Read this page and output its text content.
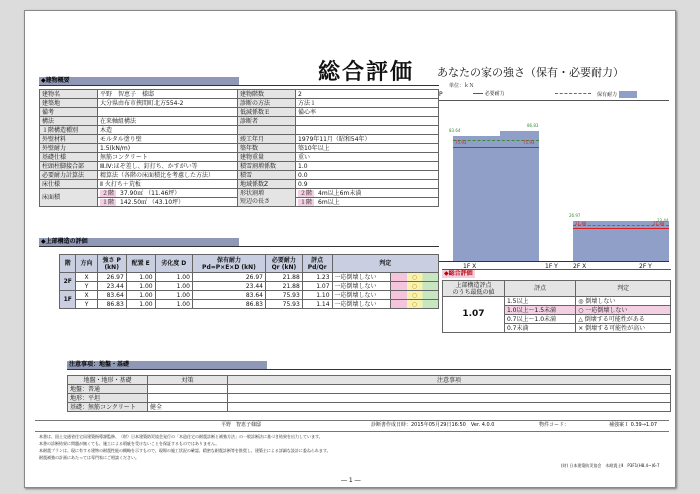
総合評価 あなたの家の強さ（保有・必要耐力）
◆建物概要
建物名	平野　智恵子　様邸	建物階数	2
建築地	大分県由布市挾間町北方554-2	診断の方法	方法１
備考		低減係数Ｅ	備心率
構法	在来軸組構法	診断者	
１階構造種別	木造		
外壁材料	モルタル塗り壁	竣工年月	1979年11月（昭和54年）
外壁耐力	1.5(kN/m)	築年数	築10年以上
基礎仕様	無筋コンクリート	建物重量	重い
柱頭柱脚接合部	Ⅲ.Ⅳ:ほぞ差し、釘打ち、かすがい等	積雪割増係数	1.0
必要耐力計算法	精算法（各階の床面積比を考慮した方法）	積雪	0.0
床仕様	Ⅱ 火打ち＋荒板	地域係数Z	0.9
床面積	２階 37.90㎡ （11.46坪）	形状割増
短辺の長さ	２階 4m以上6m未満
	１階 142.50㎡ （43.10坪）		１階 6m以上
単位：ｋＮ
P	必要耐力	保有耐力
83.64
86.83
75.93	75.93
26.97
23.44
21.88	21.88
1F X	1F Y	2F X	2F Y
◆上部構造の評価
階	方向	強さ P
(kN)	配置 E	劣化度 D	保有耐力
Pd=P×E×D (kN)	必要耐力
Qr (kN)	評点
Pd/Qr	判定	
2F	X	26.97	1.00	1.00	26.97	21.88	1.23	一応倒壊しない	○
	Y	23.44	1.00	1.00	23.44	21.88	1.07	一応倒壊しない	○
1F	X	83.64	1.00	1.00	83.64	75.93	1.10	一応倒壊しない	○
	Y	86.83	1.00	1.00	86.83	75.93	1.14	一応倒壊しない	○
◆総合評価
上部構造評点
のうち最低の値	評点	判定
1.07	1.5以上	◎ 倒壊しない
	1.0以上～1.5未満	○ 一応倒壊しない
	0.7以上～1.0未満	△ 倒壊する可能性がある
	0.7未満	× 倒壊する可能性が高い
注意事項：地盤・基礎
地盤・地形・基礎	対策	注意事項
地盤：普通		
地形：平坦		
基礎：無筋コンクリート	健全	
平野　智恵子様邸	診断書作成日時：2015年05月29日16:50　Ver. 4.0.0	物件コード：	補強案１ 0.39→1.07
本書は、国土交通省住宅局建築指導課監修、（財）日本建築防災協会発行の「木造住宅の耐震診断と補強方法」の一般診断法に基づき結果を出力しています。
本書の診断結果に問題が無くても、施工による瑕疵を受けないことを保証するものではありません。
本耐震プランは、現に有する建物の耐震性能の概略を示すもので、現場の施工状況の確認、精密な耐震診断等を推奨し、建築主による詳細な設計に委ねられます。
耐震補強の計画にあたっては専門家にご相談ください。
(財) 日本建築防災協会　木耐震士Ⅱ　P3F1(H8.4~)6-7
― 1 ―
